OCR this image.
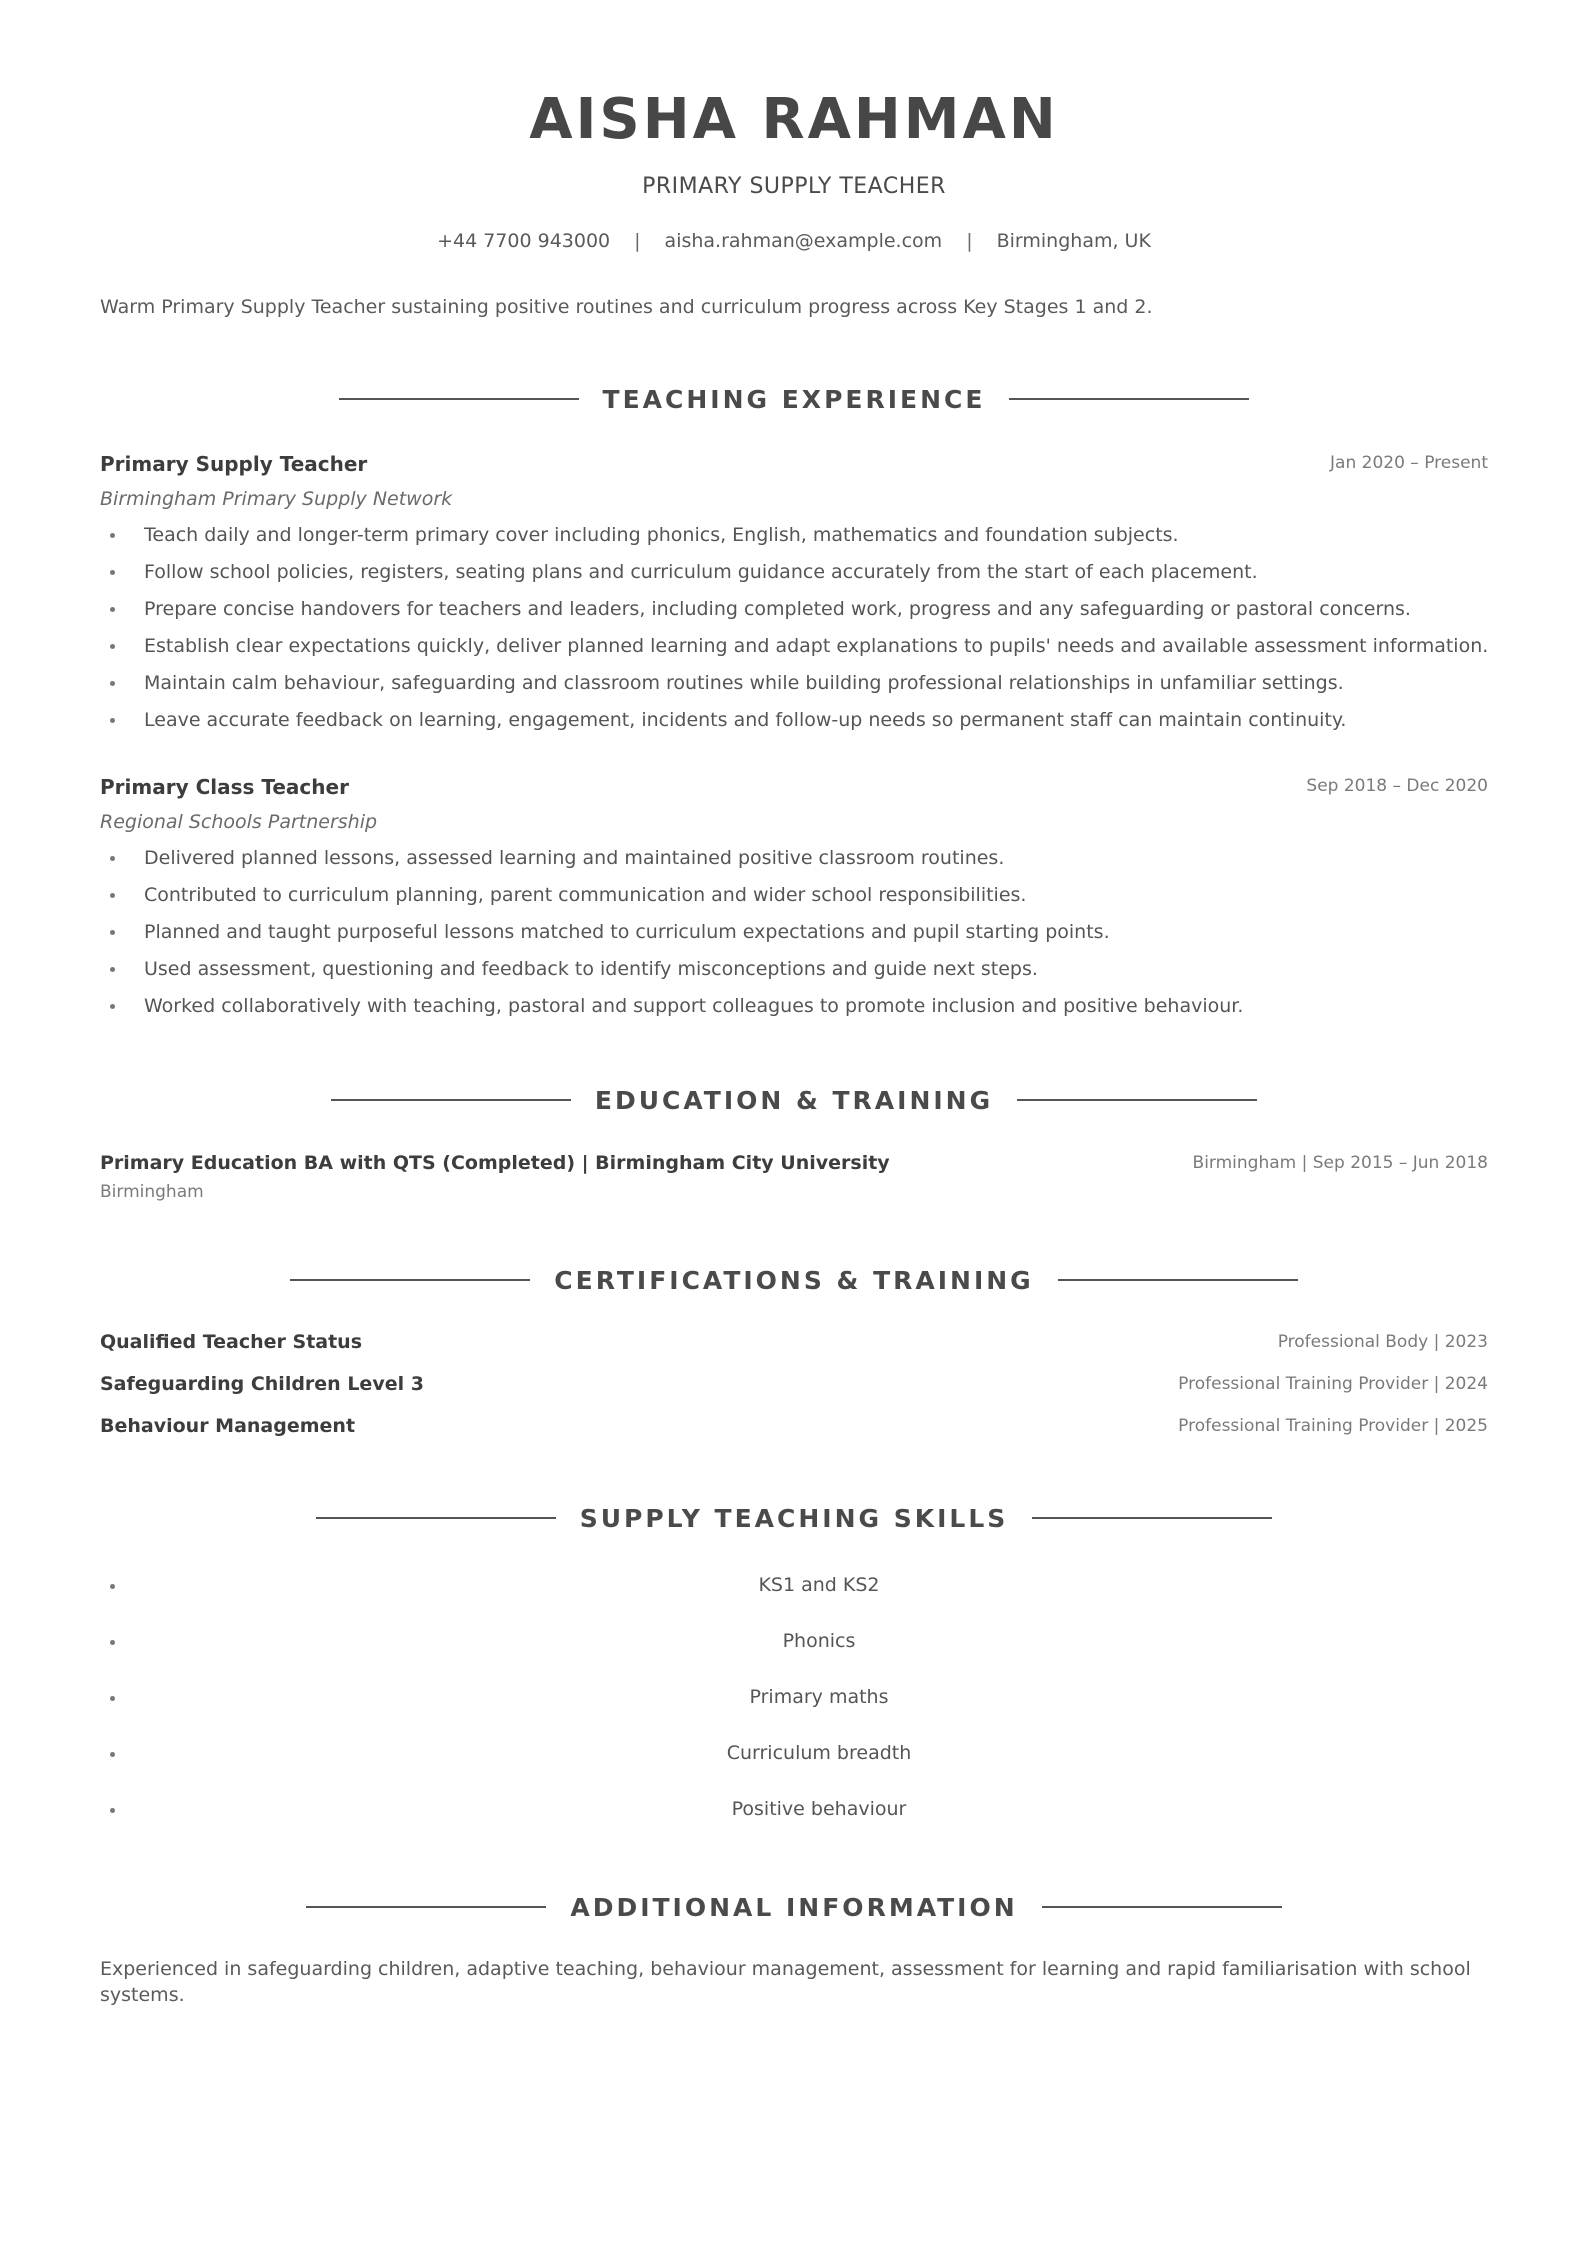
AISHA RAHMAN
PRIMARY SUPPLY TEACHER
+44 7700 943000 | aisha.rahman@example.com | Birmingham, UK
Warm Primary Supply Teacher sustaining positive routines and curriculum progress across Key Stages 1 and 2.
TEACHING EXPERIENCE
Primary Supply Teacher	Jan 2020 – Present
Birmingham Primary Supply Network
Teach daily and longer-term primary cover including phonics, English, mathematics and foundation subjects.
Follow school policies, registers, seating plans and curriculum guidance accurately from the start of each placement.
Prepare concise handovers for teachers and leaders, including completed work, progress and any safeguarding or pastoral concerns.
Establish clear expectations quickly, deliver planned learning and adapt explanations to pupils' needs and available assessment information.
Maintain calm behaviour, safeguarding and classroom routines while building professional relationships in unfamiliar settings.
Leave accurate feedback on learning, engagement, incidents and follow-up needs so permanent staff can maintain continuity.
Primary Class Teacher	Sep 2018 – Dec 2020
Regional Schools Partnership
Delivered planned lessons, assessed learning and maintained positive classroom routines.
Contributed to curriculum planning, parent communication and wider school responsibilities.
Planned and taught purposeful lessons matched to curriculum expectations and pupil starting points.
Used assessment, questioning and feedback to identify misconceptions and guide next steps.
Worked collaboratively with teaching, pastoral and support colleagues to promote inclusion and positive behaviour.
EDUCATION & TRAINING
Primary Education BA with QTS (Completed) | Birmingham City University	Birmingham | Sep 2015 – Jun 2018
Birmingham
CERTIFICATIONS & TRAINING
Qualified Teacher Status	Professional Body | 2023
Safeguarding Children Level 3	Professional Training Provider | 2024
Behaviour Management	Professional Training Provider | 2025
SUPPLY TEACHING SKILLS
KS1 and KS2
Phonics
Primary maths
Curriculum breadth
Positive behaviour
ADDITIONAL INFORMATION
Experienced in safeguarding children, adaptive teaching, behaviour management, assessment for learning and rapid familiarisation with school systems.
